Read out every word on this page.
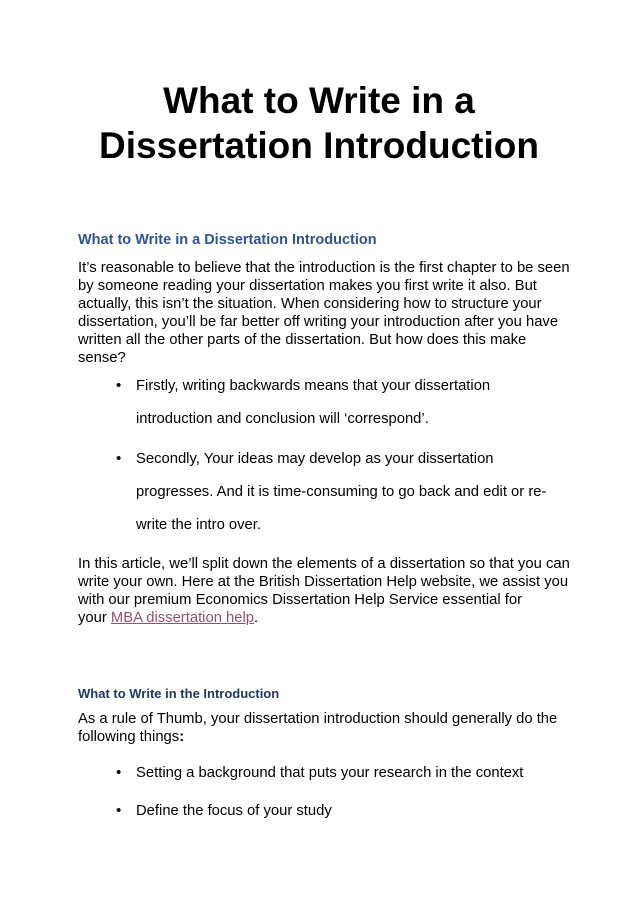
What to Write in a
Dissertation Introduction
What to Write in a Dissertation Introduction

It’s reasonable to believe that the introduction is the first chapter to be seen
by someone reading your dissertation makes you first write it also. But
actually, this isn’t the situation. When considering how to structure your
dissertation, you’ll be far better off writing your introduction after you have
written all the other parts of the dissertation. But how does this make
sense?

• Firstly, writing backwards means that your dissertation
introduction and conclusion will ‘correspond’.
• Secondly, Your ideas may develop as your dissertation
progresses. And it is time-consuming to go back and edit or re-
write the intro over.

In this article, we’ll split down the elements of a dissertation so that you can
write your own. Here at the British Dissertation Help website, we assist you
with our premium Economics Dissertation Help Service essential for
your MBA dissertation help.

What to Write in the Introduction

As a rule of Thumb, your dissertation introduction should generally do the
following things:

• Setting a background that puts your research in the context
• Define the focus of your study
